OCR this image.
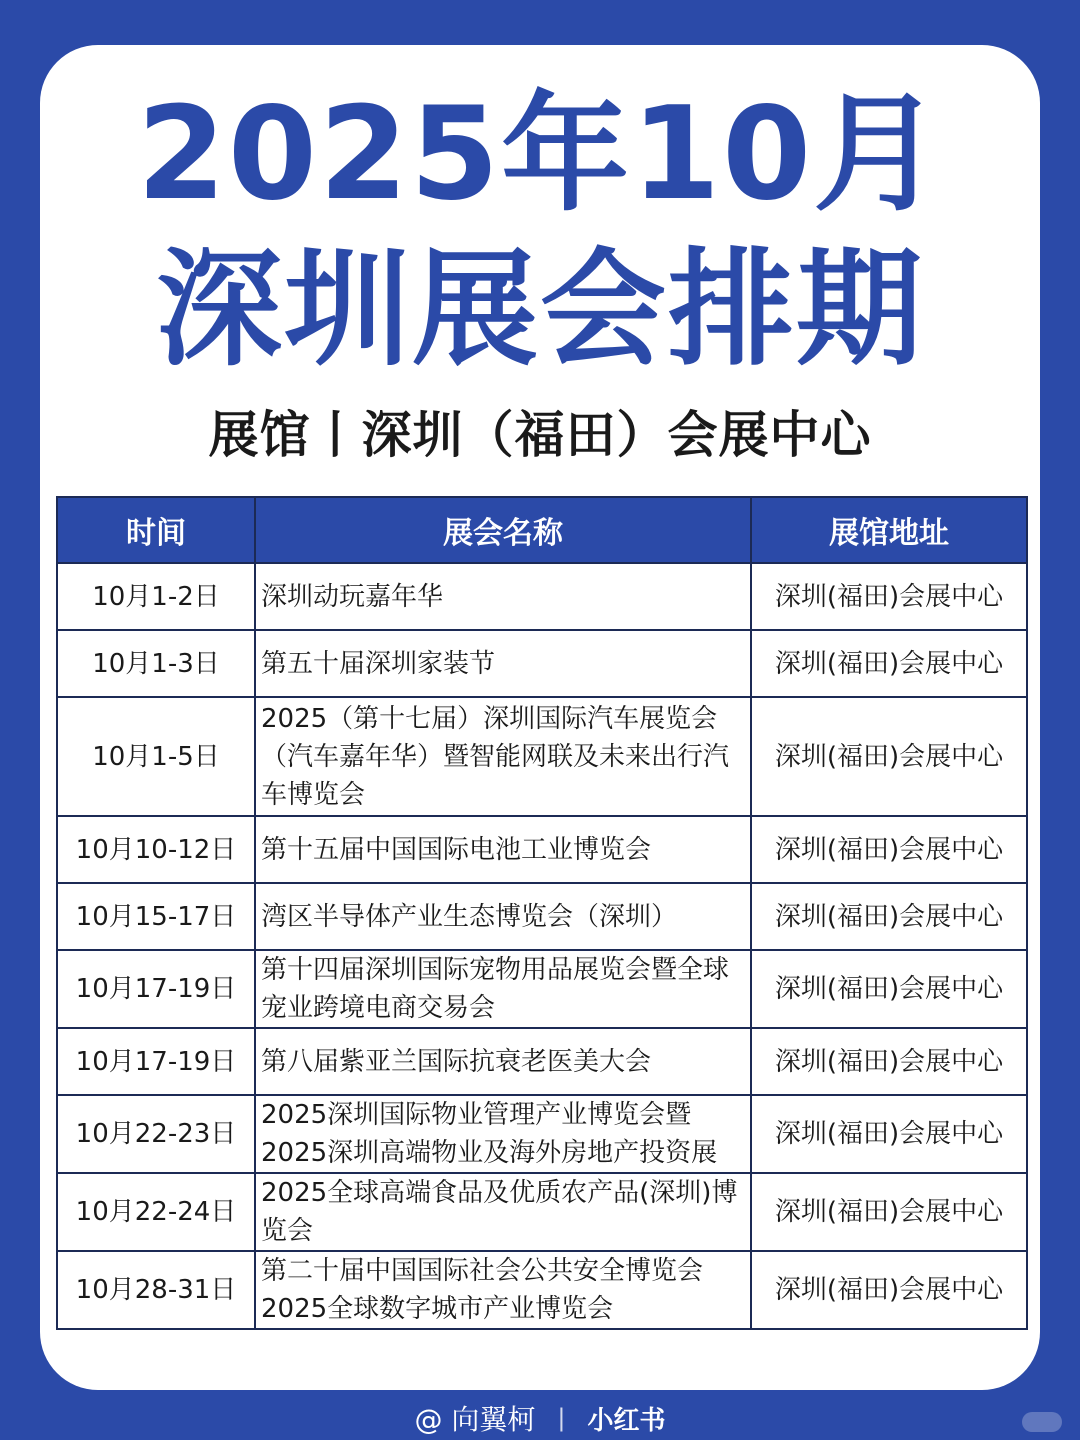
2025年10月
深圳展会排期
展馆丨深圳（福田）会展中心
时间	展会名称	展馆地址
10月1-2日	深圳动玩嘉年华	深圳(福田)会展中心
10月1-3日	第五十届深圳家装节	深圳(福田)会展中心
10月1-5日	2025（第十七届）深圳国际汽车展览会（汽车嘉年华）暨智能网联及未来出行汽车博览会	深圳(福田)会展中心
10月10-12日	第十五届中国国际电池工业博览会	深圳(福田)会展中心
10月15-17日	湾区半导体产业生态博览会（深圳）	深圳(福田)会展中心
10月17-19日	第十四届深圳国际宠物用品展览会暨全球宠业跨境电商交易会	深圳(福田)会展中心
10月17-19日	第八届紫亚兰国际抗衰老医美大会	深圳(福田)会展中心
10月22-23日	2025深圳国际物业管理产业博览会暨2025深圳高端物业及海外房地产投资展	深圳(福田)会展中心
10月22-24日	2025全球高端食品及优质农产品(深圳)博览会	深圳(福田)会展中心
10月28-31日	第二十届中国国际社会公共安全博览会2025全球数字城市产业博览会	深圳(福田)会展中心
@ 向翼柯 | 小红书
